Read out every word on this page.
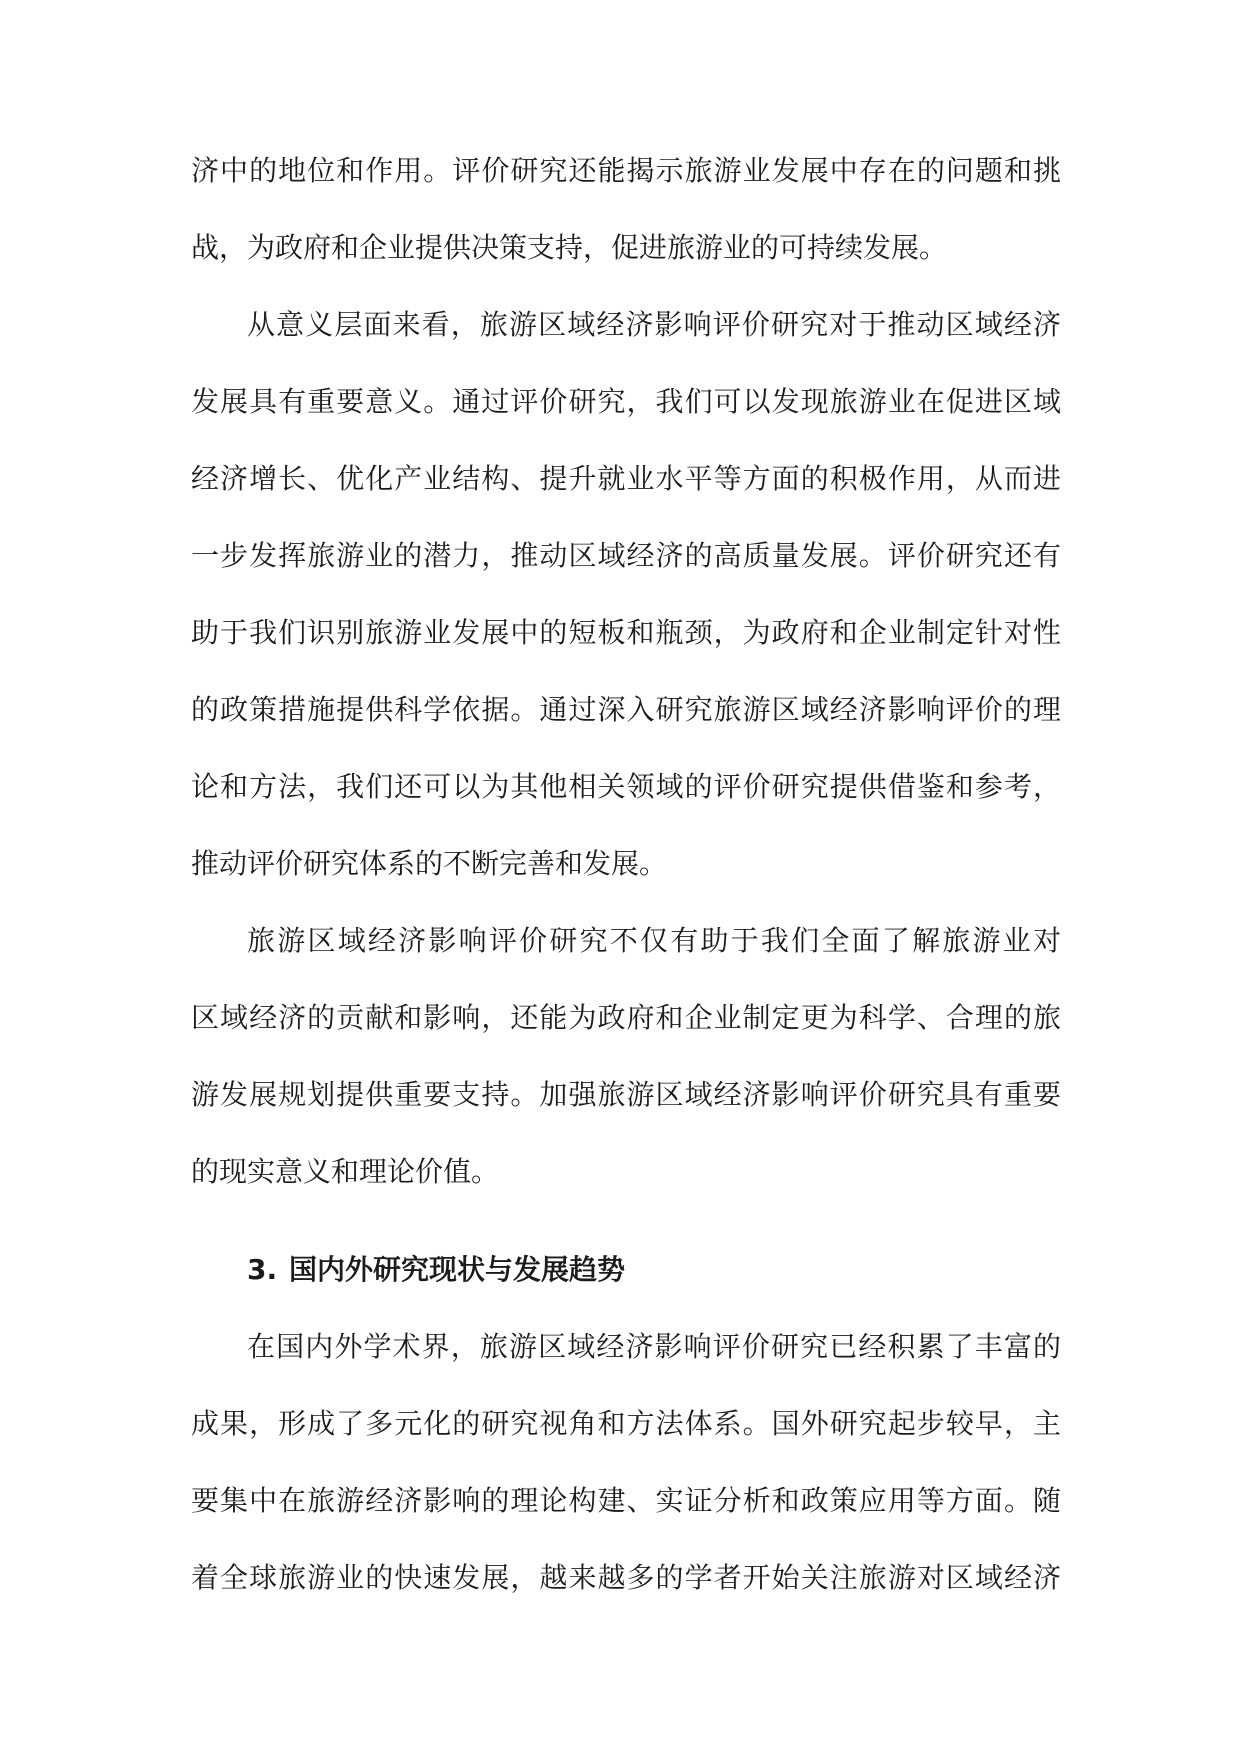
济中的地位和作用。评价研究还能揭示旅游业发展中存在的问题和挑
战，为政府和企业提供决策支持，促进旅游业的可持续发展。
从意义层面来看，旅游区域经济影响评价研究对于推动区域经济
发展具有重要意义。通过评价研究，我们可以发现旅游业在促进区域
经济增长、优化产业结构、提升就业水平等方面的积极作用，从而进
一步发挥旅游业的潜力，推动区域经济的高质量发展。评价研究还有
助于我们识别旅游业发展中的短板和瓶颈，为政府和企业制定针对性
的政策措施提供科学依据。通过深入研究旅游区域经济影响评价的理
论和方法，我们还可以为其他相关领域的评价研究提供借鉴和参考，
推动评价研究体系的不断完善和发展。
旅游区域经济影响评价研究不仅有助于我们全面了解旅游业对
区域经济的贡献和影响，还能为政府和企业制定更为科学、合理的旅
游发展规划提供重要支持。加强旅游区域经济影响评价研究具有重要
的现实意义和理论价值。
3. 国内外研究现状与发展趋势
在国内外学术界，旅游区域经济影响评价研究已经积累了丰富的
成果，形成了多元化的研究视角和方法体系。国外研究起步较早，主
要集中在旅游经济影响的理论构建、实证分析和政策应用等方面。随
着全球旅游业的快速发展，越来越多的学者开始关注旅游对区域经济
